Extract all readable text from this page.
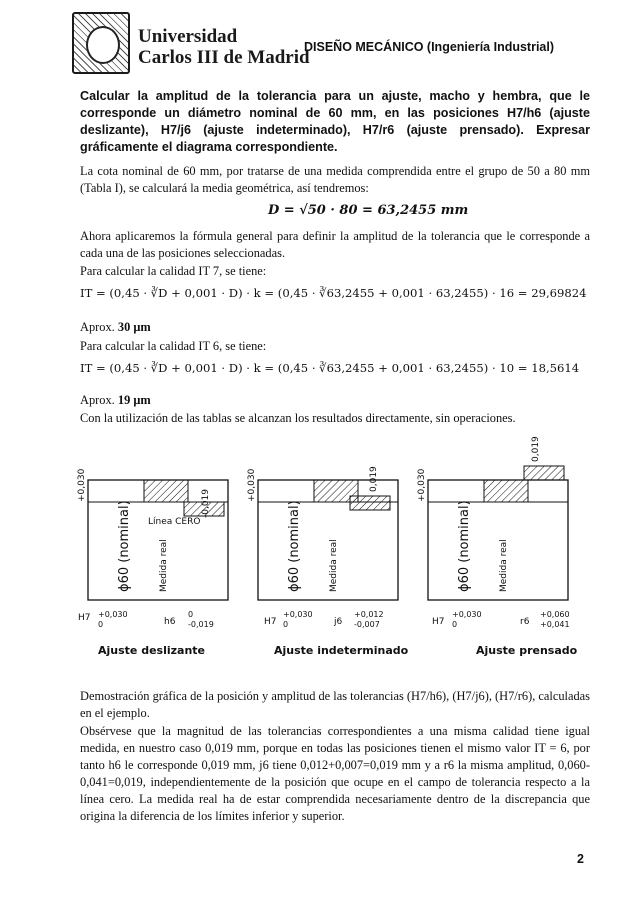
Universidad
Carlos III de Madrid
DISEÑO MECÁNICO (Ingeniería Industrial)
Calcular la amplitud de la tolerancia para un ajuste, macho y hembra, que le corresponde un diámetro nominal de 60 mm, en las posiciones H7/h6 (ajuste deslizante), H7/j6 (ajuste indeterminado), H7/r6 (ajuste prensado). Expresar gráficamente el diagrama correspondiente.
La cota nominal de 60 mm, por tratarse de una medida comprendida entre el grupo de 50 a 80 mm (Tabla I), se calculará la media geométrica, así tendremos:
D = √50 · 80 = 63,2455 mm
Ahora aplicaremos la fórmula general para definir la amplitud de la tolerancia que le corresponde a cada una de las posiciones seleccionadas.
Para calcular la calidad IT 7, se tiene:
IT = (0,45 · ∛D + 0,001 · D) · k = (0,45 · ∛63,2455 + 0,001 · 63,2455) · 16 = 29,69824
Aprox. 30 μm
Para calcular la calidad IT 6, se tiene:
IT = (0,45 · ∛D + 0,001 · D) · k = (0,45 · ∛63,2455 + 0,001 · 63,2455) · 10 = 18,5614
Aprox. 19 μm
Con la utilización de las tablas se alcanzan los resultados directamente, sin operaciones.
+0,030
Línea CERO
-0,019
ϕ60 (nominal)	Medida real
H7 +0,030
0	h6
0
-0,019
Ajuste deslizante
+0,030	0,019
ϕ60 (nominal)	Medida real
H7
+0,030
0	j6
+0,012
-0,007
Ajuste indeterminado
+0,030
0,019
ϕ60 (nominal)	Medida real
H7
+0,030
0	r6
+0,060
+0,041
Ajuste prensado
Demostración gráfica de la posición y amplitud de las tolerancias (H7/h6), (H7/j6), (H7/r6), calculadas en el ejemplo.
Obsérvese que la magnitud de las tolerancias correspondientes a una misma calidad tiene igual medida, en nuestro caso 0,019 mm, porque en todas las posiciones tienen el mismo valor IT = 6, por tanto h6 le corresponde 0,019 mm, j6 tiene 0,012+0,007=0,019 mm y a r6 la misma amplitud, 0,060-0,041=0,019, independientemente de la posición que ocupe en el campo de tolerancia respecto a la línea cero. La medida real ha de estar comprendida necesariamente dentro de la discrepancia que origina la diferencia de los límites inferior y superior.
2
